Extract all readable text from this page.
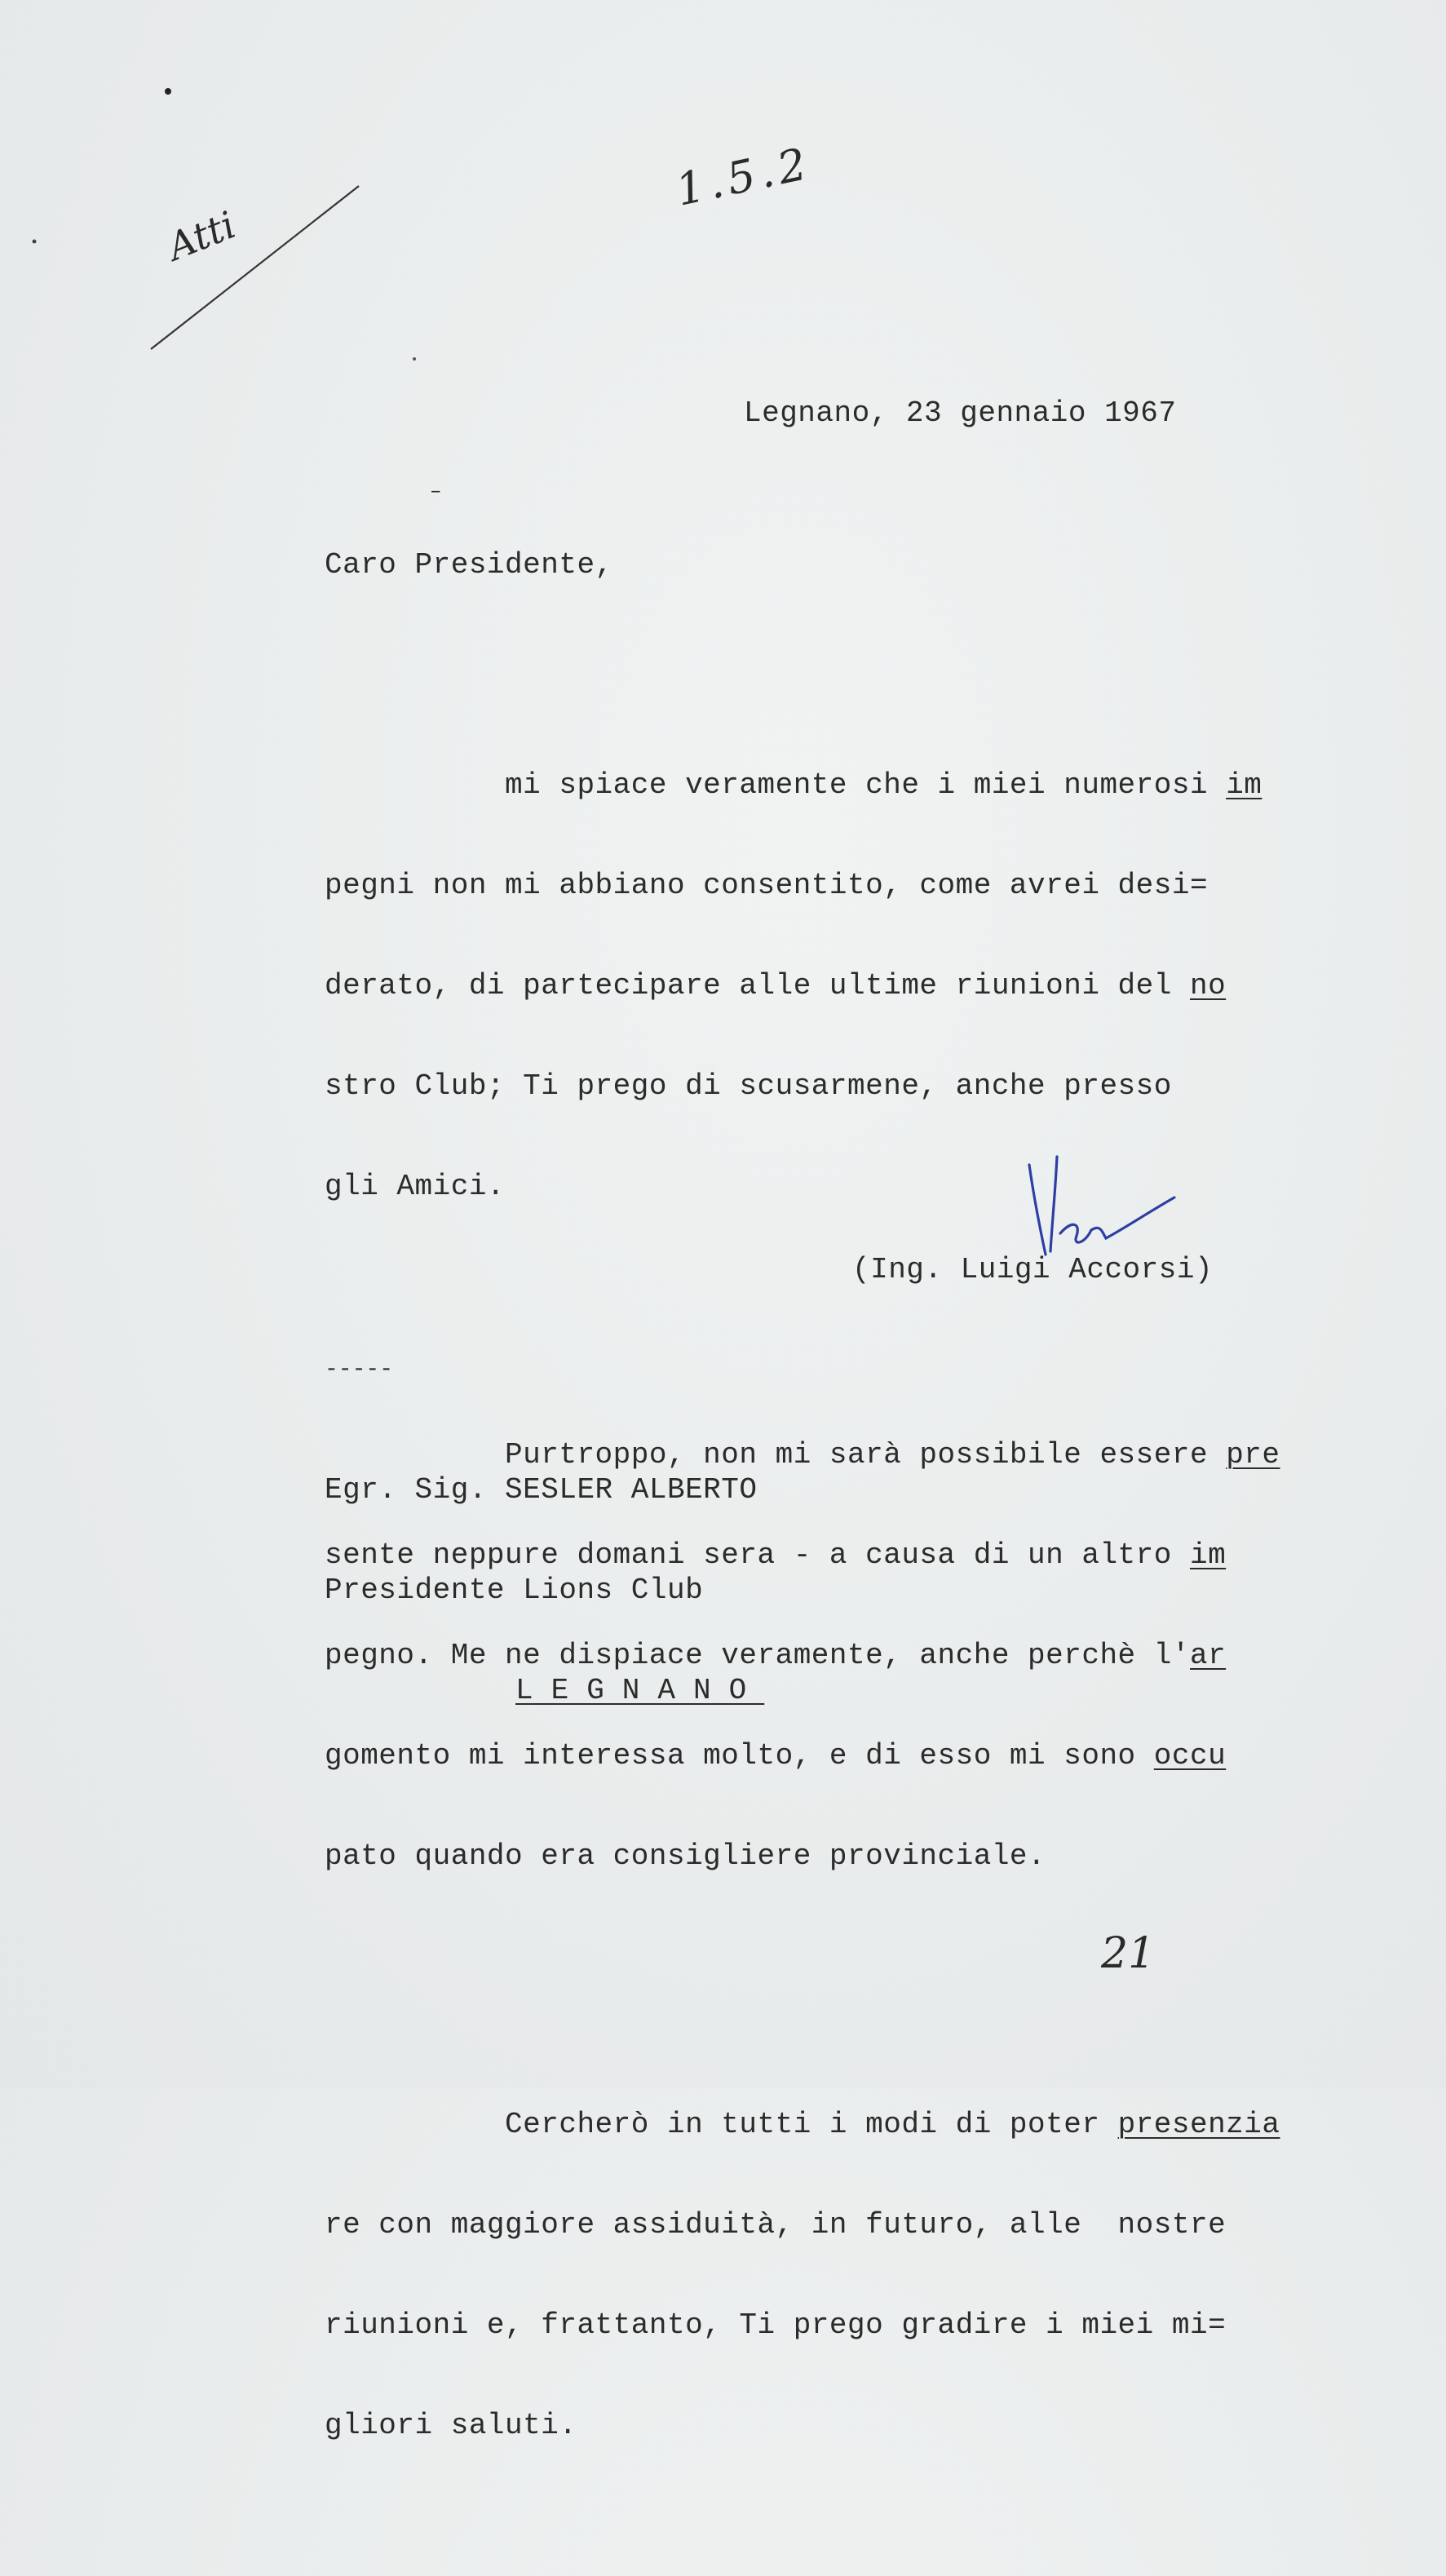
Atti
1.5.2
21
Legnano, 23 gennaio 1967
–
Caro Presidente,

mi spiace veramente che i miei numerosi im

pegni non mi abbiano consentito, come avrei desi=

derato, di partecipare alle ultime riunioni del no

stro Club; Ti prego di scusarmene, anche presso

gli Amici.

Purtroppo, non mi sarà possibile essere pre

sente neppure domani sera - a causa di un altro im

pegno. Me ne dispiace veramente, anche perchè l'ar

gomento mi interessa molto, e di esso mi sono occu

pato quando era consigliere provinciale.

Cercherò in tutti i modi di poter presenzia

re con maggiore assiduità, in futuro, alle  nostre

riunioni e, frattanto, Ti prego gradire i miei mi=

gliori saluti.

(Ing. Luigi Accorsi)
-----

Egr. Sig. SESLER ALBERTO

Presidente Lions Club

LEGNANO
